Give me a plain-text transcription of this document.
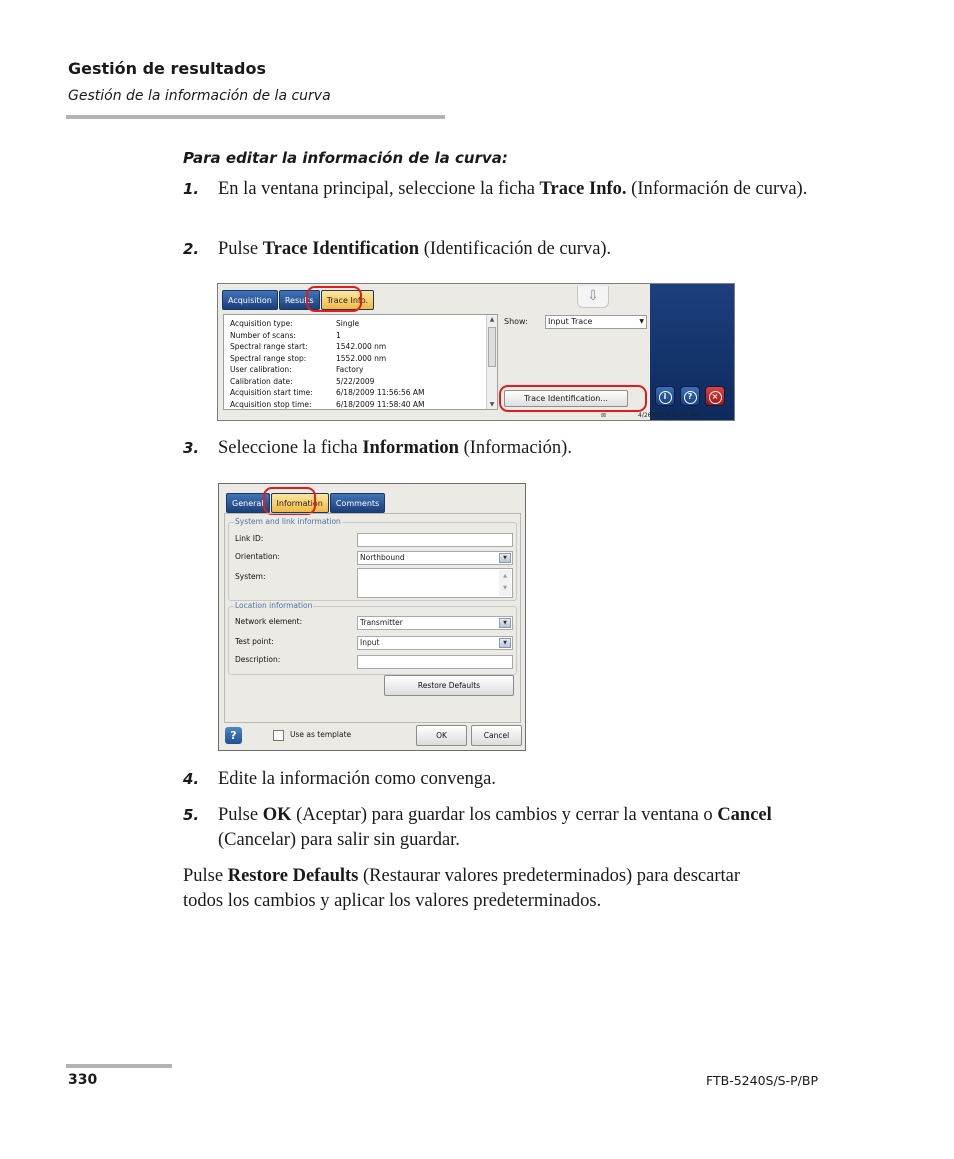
Gestión de resultados
Gestión de la información de la curva
Para editar la información de la curva:
1. En la ventana principal, seleccione la ficha Trace Info. (Información de curva).
2. Pulse Trace Identification (Identificación de curva).
Acquisition	Results	Trace Info.	⇩
Acquisition type:	Single
Number of scans:	1
Spectral range start:	1542.000 nm
Spectral range stop:	1552.000 nm
User calibration:	Factory
Calibration date:	5/22/2009
Acquisition start time:	6/18/2009 11:56:56 AM
Acquisition stop time:	6/18/2009 11:58:40 AM
▲
▼
Show:	Input Trace	▼
Trace Identification...	i	?	×
⊠	4/26/2013 10:24 AM
3. Seleccione la ficha Information (Información).
General	Information	Comments
System and link information
Link ID:
Orientation:	Northbound	▼
System:	▲
▼
Location information
Network element:	Transmitter	▼
Test point:	Input	▼
Description:
Restore Defaults
?	Use as template	OK	Cancel
4. Edite la información como convenga.
5. Pulse OK (Aceptar) para guardar los cambios y cerrar la ventana o Cancel (Cancelar) para salir sin guardar.
Pulse Restore Defaults (Restaurar valores predeterminados) para descartar todos los cambios y aplicar los valores predeterminados.
330	FTB-5240S/S-P/BP
